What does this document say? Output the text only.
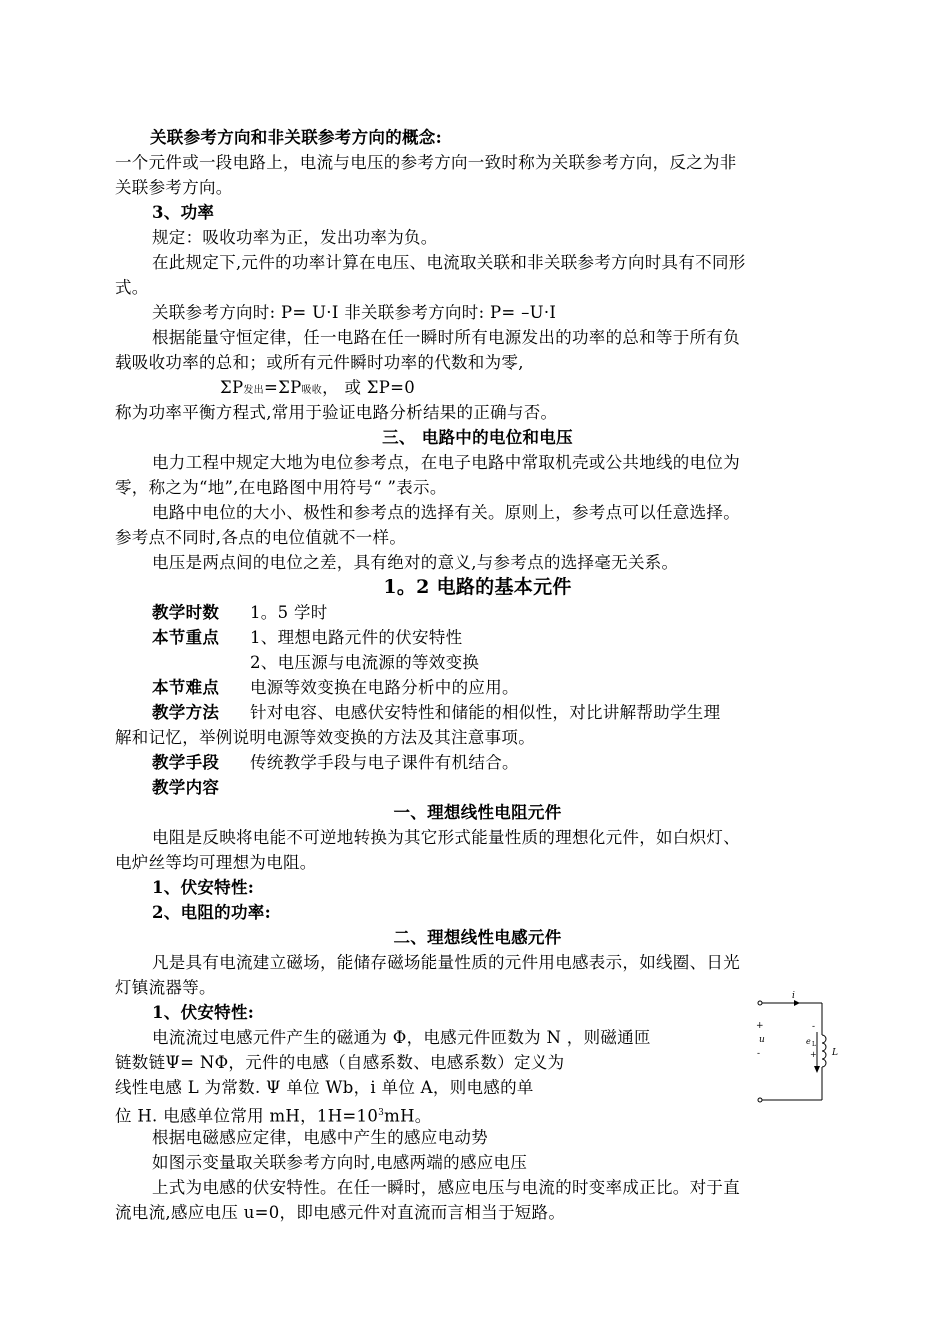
关联参考方向和非关联参考方向的概念:
一个元件或一段电路上，电流与电压的参考方向一致时称为关联参考方向，反之为非
关联参考方向。
3、功率
规定：吸收功率为正，发出功率为负。
在此规定下,元件的功率计算在电压、电流取关联和非关联参考方向时具有不同形
式。
关联参考方向时: P= U·I 非关联参考方向时: P= –U·I
根据能量守恒定律，任一电路在任一瞬时所有电源发出的功率的总和等于所有负
载吸收功率的总和；或所有元件瞬时功率的代数和为零,
ΣP发出=ΣP吸收， 或 ΣP=0
称为功率平衡方程式,常用于验证电路分析结果的正确与否。
三、 电路中的电位和电压
电力工程中规定大地为电位参考点，在电子电路中常取机壳或公共地线的电位为
零，称之为“地”,在电路图中用符号“ ”表示。
电路中电位的大小、极性和参考点的选择有关。原则上，参考点可以任意选择。
参考点不同时,各点的电位值就不一样。
电压是两点间的电位之差，具有绝对的意义,与参考点的选择毫无关系。
1。2 电路的基本元件
教学时数 1。5 学时
本节重点 1、理想电路元件的伏安特性
2、电压源与电流源的等效变换
本节难点 电源等效变换在电路分析中的应用。
教学方法 针对电容、电感伏安特性和储能的相似性，对比讲解帮助学生理
解和记忆，举例说明电源等效变换的方法及其注意事项。
教学手段 传统教学手段与电子课件有机结合。
教学内容
一、理想线性电阻元件
电阻是反映将电能不可逆地转换为其它形式能量性质的理想化元件，如白炽灯、
电炉丝等均可理想为电阻。
1、伏安特性:
2、电阻的功率:
二、理想线性电感元件
凡是具有电流建立磁场，能储存磁场能量性质的元件用电感表示，如线圈、日光
灯镇流器等。
1、伏安特性:
电流流过电感元件产生的磁通为 Φ，电感元件匝数为 N ，则磁通匝
链数链Ψ= NΦ，元件的电感（自感系数、电感系数）定义为
线性电感 L 为常数. Ψ 单位 Wb，i 单位 A，则电感的单
位 H. 电感单位常用 mH，$1H=10^3mH$。
根据电磁感应定律，电感中产生的感应电动势
如图示变量取关联参考方向时,电感两端的感应电压
上式为电感的伏安特性。在任一瞬时，感应电压与电流的时变率成正比。对于直
流电流,感应电压 u=0，即电感元件对直流而言相当于短路。
i
+
u
-
-
e L
+ L
